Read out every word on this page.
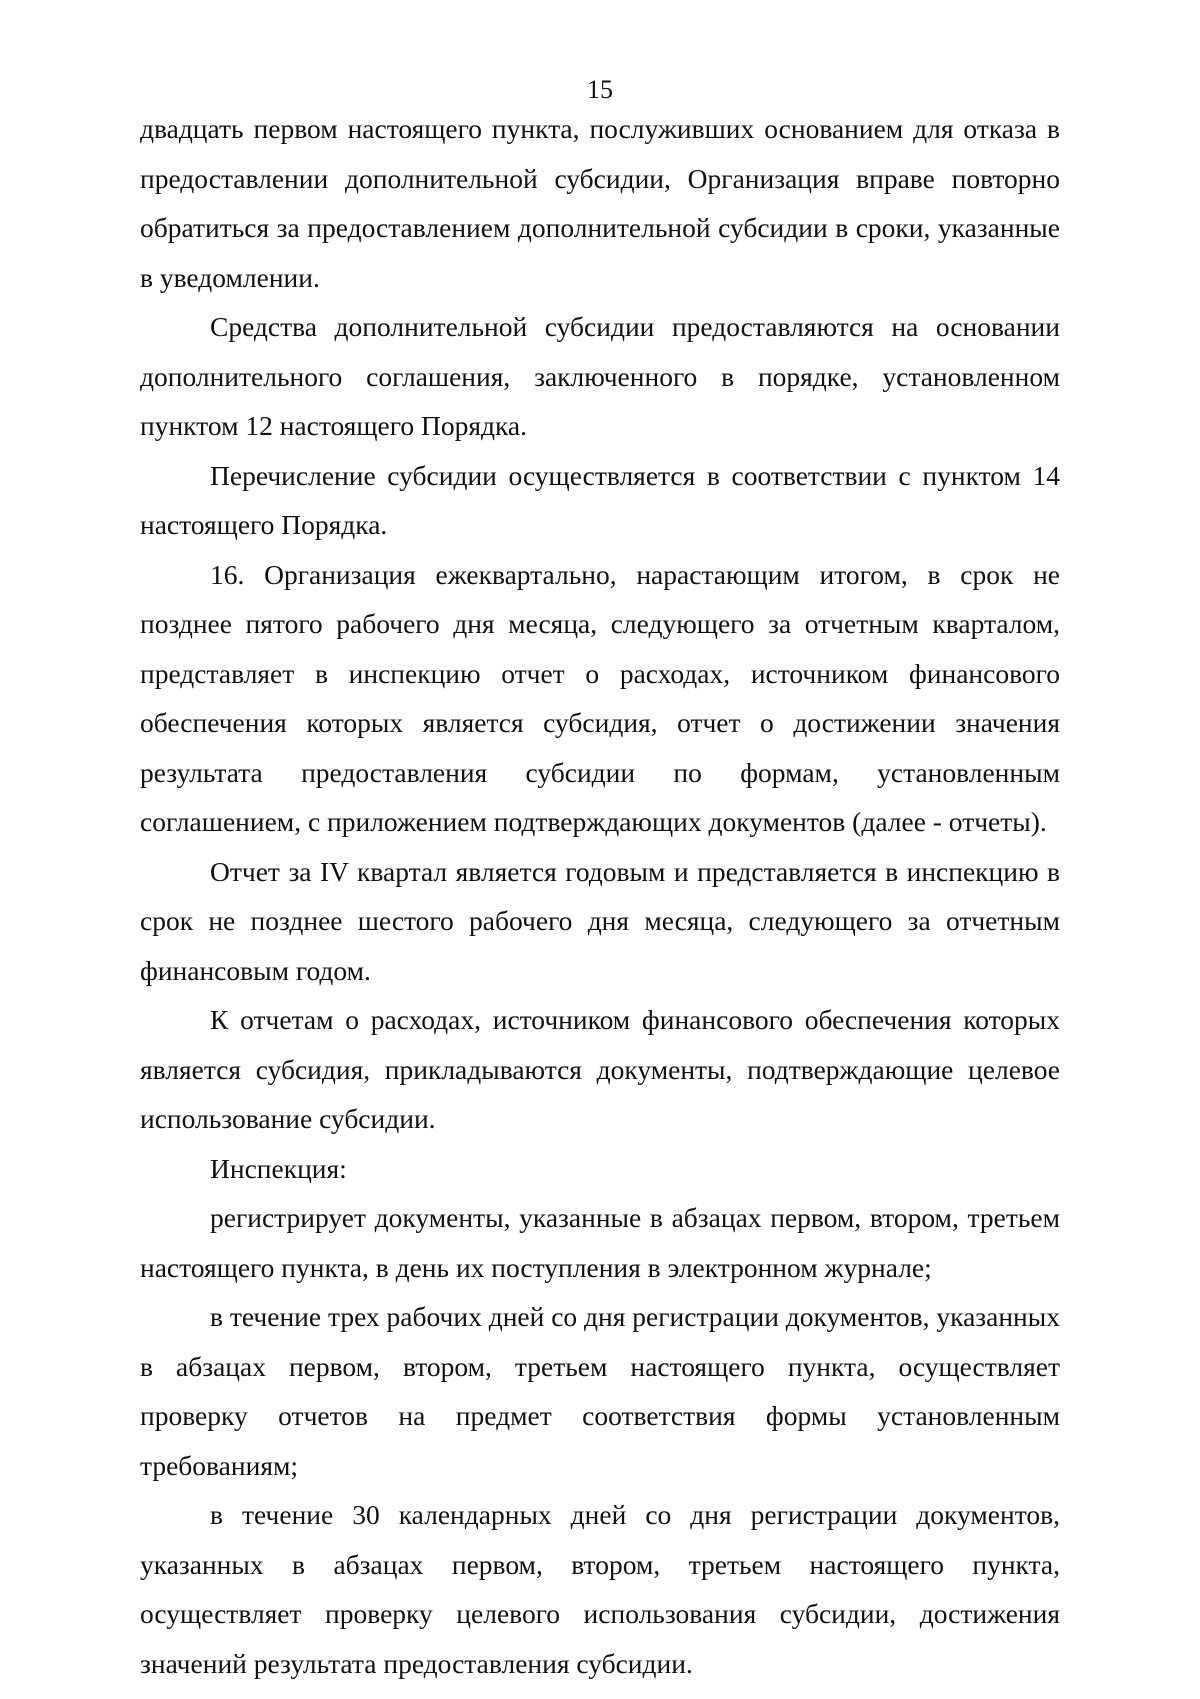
15

двадцать первом настоящего пункта, послуживших основанием для отказа в предоставлении дополнительной субсидии, Организация вправе повторно обратиться за предоставлением дополнительной субсидии в сроки, указанные в уведомлении.

Средства дополнительной субсидии предоставляются на основании дополнительного соглашения, заключенного в порядке, установленном пунктом 12 настоящего Порядка.

Перечисление субсидии осуществляется в соответствии с пунктом 14 настоящего Порядка.

16. Организация ежеквартально, нарастающим итогом, в срок не позднее пятого рабочего дня месяца, следующего за отчетным кварталом, представляет в инспекцию отчет о расходах, источником финансового обеспечения которых является субсидия, отчет о достижении значения результата предоставления субсидии по формам, установленным соглашением, с приложением подтверждающих документов (далее - отчеты).

Отчет за IV квартал является годовым и представляется в инспекцию в срок не позднее шестого рабочего дня месяца, следующего за отчетным финансовым годом.

К отчетам о расходах, источником финансового обеспечения которых является субсидия, прикладываются документы, подтверждающие целевое использование субсидии.

Инспекция:

регистрирует документы, указанные в абзацах первом, втором, третьем настоящего пункта, в день их поступления в электронном журнале;

в течение трех рабочих дней со дня регистрации документов, указанных в абзацах первом, втором, третьем настоящего пункта, осуществляет проверку отчетов на предмет соответствия формы установленным требованиям;

в течение 30 календарных дней со дня регистрации документов, указанных в абзацах первом, втором, третьем настоящего пункта, осуществляет проверку целевого использования субсидии, достижения значений результата предоставления субсидии.
